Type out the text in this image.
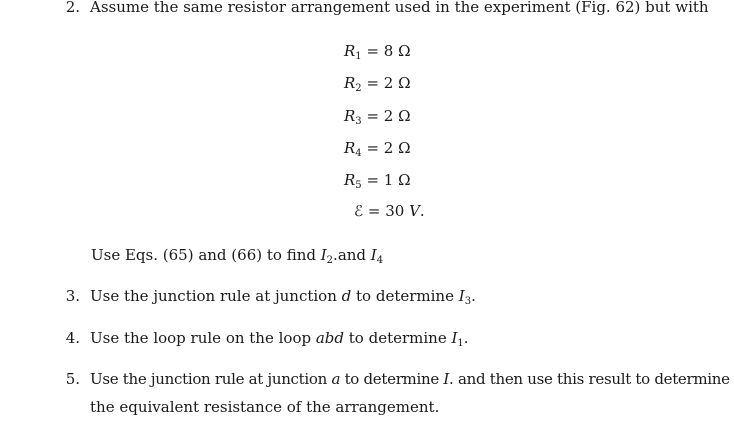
2. Assume the same resistor arrangement used in the experiment (Fig. 62) but with
$R_1 = 8$ Ω
$R_2 = 2$ Ω
$R_3 = 2$ Ω
$R_4 = 2$ Ω
$R_5 = 1$ Ω
ℰ = 30 V.
Use Eqs. (65) and (66) to find $I_2.and$ $I_4$
3. Use the junction rule at junction d to determine $I_3$.
4. Use the loop rule on the loop abd to determine $I_1$.
5. Use the junction rule at junction a to determine I. and then use this result to determine
the equivalent resistance of the arrangement.
